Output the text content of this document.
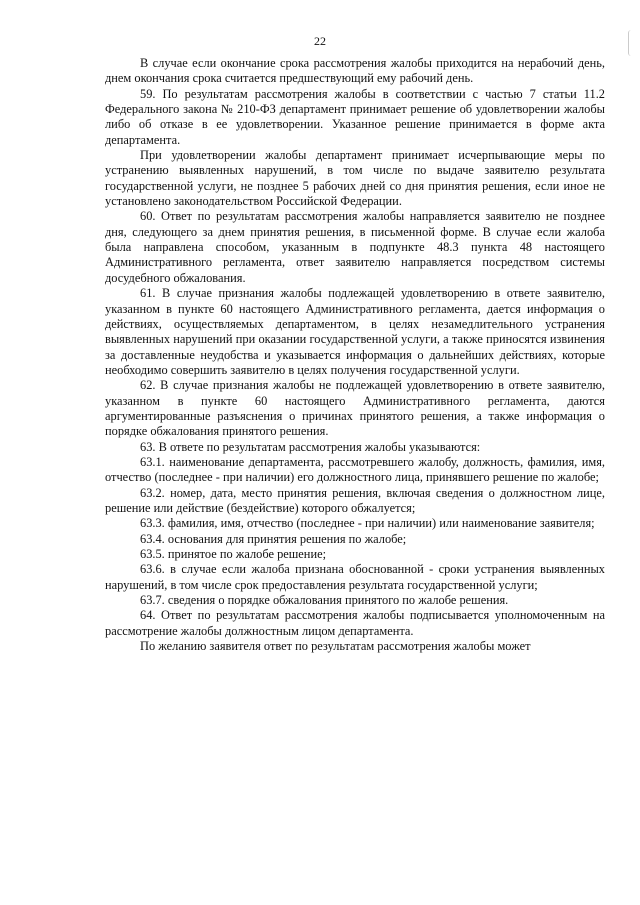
22

В случае если окончание срока рассмотрения жалобы приходится на нерабочий день, днем окончания срока считается предшествующий ему рабочий день.

59. По результатам рассмотрения жалобы в соответствии с частью 7 статьи 11.2 Федерального закона № 210-ФЗ департамент принимает решение об удовлетворении жалобы либо об отказе в ее удовлетворении. Указанное решение принимается в форме акта департамента.

При удовлетворении жалобы департамент принимает исчерпывающие меры по устранению выявленных нарушений, в том числе по выдаче заявителю результата государственной услуги, не позднее 5 рабочих дней со дня принятия решения, если иное не установлено законодательством Российской Федерации.

60. Ответ по результатам рассмотрения жалобы направляется заявителю не позднее дня, следующего за днем принятия решения, в письменной форме. В случае если жалоба была направлена способом, указанным в подпункте 48.3 пункта 48 настоящего Административного регламента, ответ заявителю направляется посредством системы досудебного обжалования.

61. В случае признания жалобы подлежащей удовлетворению в ответе заявителю, указанном в пункте 60 настоящего Административного регламента, дается информация о действиях, осуществляемых департаментом, в целях незамедлительного устранения выявленных нарушений при оказании государственной услуги, а также приносятся извинения за доставленные неудобства и указывается информация о дальнейших действиях, которые необходимо совершить заявителю в целях получения государственной услуги.

62. В случае признания жалобы не подлежащей удовлетворению в ответе заявителю, указанном в пункте 60 настоящего Административного регламента, даются аргументированные разъяснения о причинах принятого решения, а также информация о порядке обжалования принятого решения.

63. В ответе по результатам рассмотрения жалобы указываются:

63.1. наименование департамента, рассмотревшего жалобу, должность, фамилия, имя, отчество (последнее - при наличии) его должностного лица, принявшего решение по жалобе;

63.2. номер, дата, место принятия решения, включая сведения о должностном лице, решение или действие (бездействие) которого обжалуется;

63.3. фамилия, имя, отчество (последнее - при наличии) или наименование заявителя;

63.4. основания для принятия решения по жалобе;

63.5. принятое по жалобе решение;

63.6. в случае если жалоба признана обоснованной - сроки устранения выявленных нарушений, в том числе срок предоставления результата государственной услуги;

63.7. сведения о порядке обжалования принятого по жалобе решения.

64. Ответ по результатам рассмотрения жалобы подписывается уполномоченным на рассмотрение жалобы должностным лицом департамента.

По желанию заявителя ответ по результатам рассмотрения жалобы может
